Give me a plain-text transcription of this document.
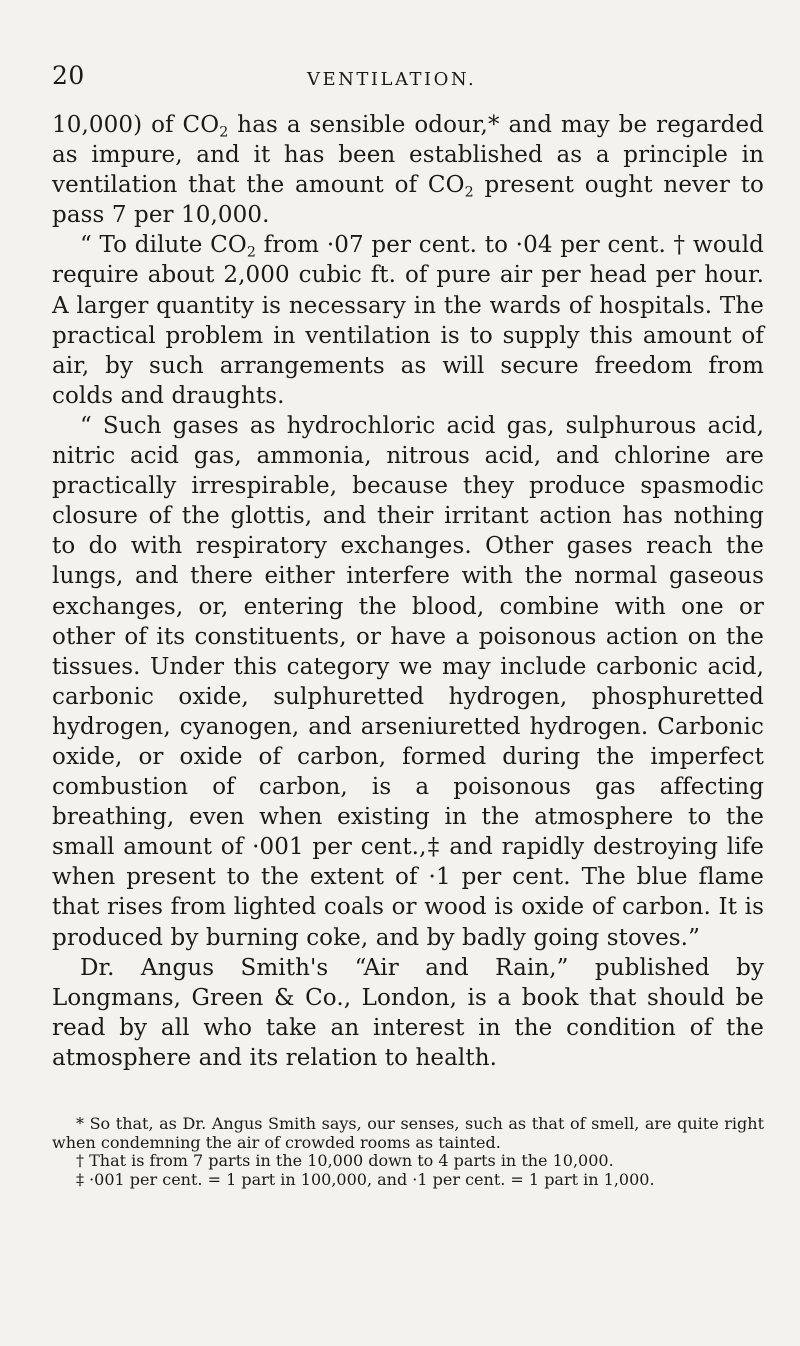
20	VENTILATION.

10,000) of $CO_2$ has a sensible odour,* and may be regarded as impure, and it has been established as a principle in ventilation that the amount of $CO_2$ present ought never to pass 7 per 10,000.

“ To dilute $CO_2$ from ·07 per cent. to ·04 per cent. † would require about 2,000 cubic ft. of pure air per head per hour. A larger quantity is necessary in the wards of hospitals. The practical problem in ventilation is to supply this amount of air, by such arrangements as will secure freedom from colds and draughts.

“ Such gases as hydrochloric acid gas, sulphurous acid, nitric acid gas, ammonia, nitrous acid, and chlorine are practically irrespirable, because they produce spasmodic closure of the glottis, and their irritant action has nothing to do with respiratory exchanges. Other gases reach the lungs, and there either interfere with the normal gaseous exchanges, or, entering the blood, combine with one or other of its constituents, or have a poisonous action on the tissues. Under this category we may include carbonic acid, carbonic oxide, sulphuretted hydrogen, phosphuretted hydrogen, cyanogen, and arseniuretted hydrogen. Carbonic oxide, or oxide of carbon, formed during the imperfect combustion of carbon, is a poisonous gas affecting breathing, even when existing in the atmosphere to the small amount of ·001 per cent.,‡ and rapidly destroying life when present to the extent of ·1 per cent. The blue flame that rises from lighted coals or wood is oxide of carbon. It is produced by burning coke, and by badly going stoves.”

Dr. Angus Smith's “Air and Rain,” published by Longmans, Green & Co., London, is a book that should be read by all who take an interest in the condition of the atmosphere and its relation to health.

* So that, as Dr. Angus Smith says, our senses, such as that of smell, are quite right when condemning the air of crowded rooms as tainted.

† That is from 7 parts in the 10,000 down to 4 parts in the 10,000.

‡ ·001 per cent. = 1 part in 100,000, and ·1 per cent. = 1 part in 1,000.
